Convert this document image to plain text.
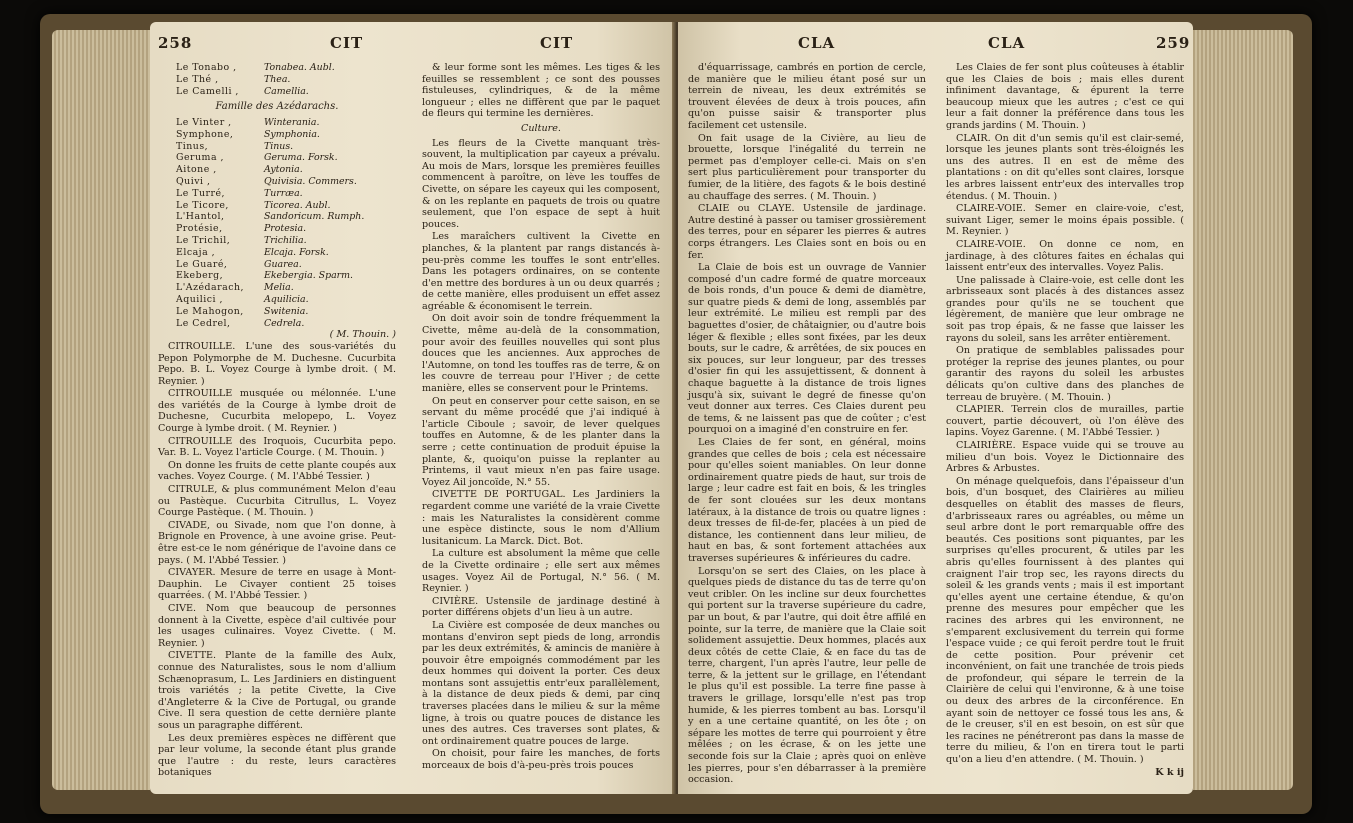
258	CIT	CIT
Le Tonabo ,	Tonabea. Aubl.
Le Thé ,	Thea.
Le Camelli ,	Camellia.
Famille des Azédarachs.
Le Vinter ,	Winterania.
Symphone,	Symphonia.
Tinus,	Tinus.
Geruma ,	Geruma. Forsk.
Aitone ,	Aytonia.
Quivi ,	Quivisia. Commers.
Le Turré,	Turræa.
Le Ticore,	Ticorea. Aubl.
L'Hantol,	Sandoricum. Rumph.
Protésie,	Protesia.
Le Trichil,	Trichilia.
Elcaja ,	Elcaja. Forsk.
Le Guaré,	Guarea.
Ekeberg,	Ekebergia. Sparm.
L'Azédarach,	Melia.
Aquilici ,	Aquilicia.
Le Mahogon,	Switenia.
Le Cedrel,	Cedrela.
( M. Thouin. )

CITROUILLE. L'une des sous-variétés du Pepon Polymorphe de M. Duchesne. Cucurbita Pepo. B. L. Voyez Courge à lymbe droit. ( M. Reynier. )

CITROUILLE musquée ou mélonnée. L'une des variétés de la Courge à lymbe droit de Duchesne, Cucurbita melopepo, L. Voyez Courge à lymbe droit. ( M. Reynier. )

CITROUILLE des Iroquois, Cucurbita pepo. Var. B. L. Voyez l'article Courge. ( M. Thouin. )

On donne les fruits de cette plante coupés aux vaches. Voyez Courge. ( M. l'Abbé Tessier. )

CITRULE, & plus communément Melon d'eau ou Pastèque. Cucurbita Citrullus, L. Voyez Courge Pastèque. ( M. Thouin. )

CIVADE, ou Sivade, nom que l'on donne, à Brignole en Provence, à une avoine grise. Peut-être est-ce le nom générique de l'avoine dans ce pays. ( M. l'Abbé Tessier. )

CIVAYER. Mesure de terre en usage à Mont-Dauphin. Le Civayer contient 25 toises quarrées. ( M. l'Abbé Tessier. )

CIVE. Nom que beaucoup de personnes donnent à la Civette, espèce d'ail cultivée pour les usages culinaires. Voyez Civette. ( M. Reynier. )

CIVETTE. Plante de la famille des Aulx, connue des Naturalistes, sous le nom d'allium Schænoprasum, L. Les Jardiniers en distinguent trois variétés ; la petite Civette, la Cive d'Angleterre & la Cive de Portugal, ou grande Cive. Il sera question de cette dernière plante sous un paragraphe différent.

Les deux premières espèces ne diffèrent que par leur volume, la seconde étant plus grande que l'autre : du reste, leurs caractères botaniques

& leur forme sont les mêmes. Les tiges & les feuilles se ressemblent ; ce sont des pousses fistuleuses, cylindriques, & de la même longueur ; elles ne diffèrent que par le paquet de fleurs qui termine les dernières.

Culture.

Les fleurs de la Civette manquant très-souvent, la multiplication par cayeux a prévalu. Au mois de Mars, lorsque les premières feuilles commencent à paroître, on lève les touffes de Civette, on sépare les cayeux qui les composent, & on les replante en paquets de trois ou quatre seulement, que l'on espace de sept à huit pouces.

Les maraîchers cultivent la Civette en planches, & la plantent par rangs distancés à-peu-près comme les touffes le sont entr'elles. Dans les potagers ordinaires, on se contente d'en mettre des bordures à un ou deux quarrés ; de cette manière, elles produisent un effet assez agréable & économisent le terrein.

On doit avoir soin de tondre fréquemment la Civette, même au-delà de la consommation, pour avoir des feuilles nouvelles qui sont plus douces que les anciennes. Aux approches de l'Automne, on tond les touffes ras de terre, & on les couvre de terreau pour l'Hiver ; de cette manière, elles se conservent pour le Printems.

On peut en conserver pour cette saison, en se servant du même procédé que j'ai indiqué à l'article Ciboule ; savoir, de lever quelques touffes en Automne, & de les planter dans la serre ; cette continuation de produit épuise la plante, &, quoiqu'on puisse la replanter au Printems, il vaut mieux n'en pas faire usage. Voyez Ail joncoïde, N.° 55.

CIVETTE DE PORTUGAL. Les Jardiniers la regardent comme une variété de la vraie Civette : mais les Naturalistes la considèrent comme une espèce distincte, sous le nom d'Allium lusitanicum. La Marck. Dict. Bot.

La culture est absolument la même que celle de la Civette ordinaire ; elle sert aux mêmes usages. Voyez Ail de Portugal, N.° 56. ( M. Reynier. )

CIVIÈRE. Ustensile de jardinage destiné à porter différens objets d'un lieu à un autre.

La Civière est composée de deux manches ou montans d'environ sept pieds de long, arrondis par les deux extrémités, & amincis de manière à pouvoir être empoignés commodément par les deux hommes qui doivent la porter. Ces deux montans sont assujettis entr'eux parallèlement, à la distance de deux pieds & demi, par cinq traverses placées dans le milieu & sur la même ligne, à trois ou quatre pouces de distance les unes des autres. Ces traverses sont plates, & ont ordinairement quatre pouces de large.

On choisit, pour faire les manches, de forts morceaux de bois d'à-peu-près trois pouces

CLA	CLA	259

d'équarrissage, cambrés en portion de cercle, de manière que le milieu étant posé sur un terrein de niveau, les deux extrémités se trouvent élevées de deux à trois pouces, afin qu'on puisse saisir & transporter plus facilement cet ustensile.

On fait usage de la Civière, au lieu de brouette, lorsque l'inégalité du terrein ne permet pas d'employer celle-ci. Mais on s'en sert plus particulièrement pour transporter du fumier, de la litière, des fagots & le bois destiné au chauffage des serres. ( M. Thouin. )

CLAIE ou CLAYE. Ustensile de jardinage. Autre destiné à passer ou tamiser grossièrement des terres, pour en séparer les pierres & autres corps étrangers. Les Claies sont en bois ou en fer.

La Claie de bois est un ouvrage de Vannier composé d'un cadre formé de quatre morceaux de bois ronds, d'un pouce & demi de diamètre, sur quatre pieds & demi de long, assemblés par leur extrémité. Le milieu est rempli par des baguettes d'osier, de châtaignier, ou d'autre bois léger & flexible ; elles sont fixées, par les deux bouts, sur le cadre, & arrêtées, de six pouces en six pouces, sur leur longueur, par des tresses d'osier fin qui les assujettissent, & donnent à chaque baguette à la distance de trois lignes jusqu'à six, suivant le degré de finesse qu'on veut donner aux terres. Ces Claies durent peu de tems, & ne laissent pas que de coûter ; c'est pourquoi on a imaginé d'en construire en fer.

Les Claies de fer sont, en général, moins grandes que celles de bois ; cela est nécessaire pour qu'elles soient maniables. On leur donne ordinairement quatre pieds de haut, sur trois de large ; leur cadre est fait en bois, & les tringles de fer sont clouées sur les deux montans latéraux, à la distance de trois ou quatre lignes : deux tresses de fil-de-fer, placées à un pied de distance, les contiennent dans leur milieu, de haut en bas, & sont fortement attachées aux traverses supérieures & inférieures du cadre.

Lorsqu'on se sert des Claies, on les place à quelques pieds de distance du tas de terre qu'on veut cribler. On les incline sur deux fourchettes qui portent sur la traverse supérieure du cadre, par un bout, & par l'autre, qui doit être affilé en pointe, sur la terre, de manière que la Claie soit solidement assujettie. Deux hommes, placés aux deux côtés de cette Claie, & en face du tas de terre, chargent, l'un après l'autre, leur pelle de terre, & la jettent sur le grillage, en l'étendant le plus qu'il est possible. La terre fine passe à travers le grillage, lorsqu'elle n'est pas trop humide, & les pierres tombent au bas. Lorsqu'il y en a une certaine quantité, on les ôte ; on sépare les mottes de terre qui pourroient y être mêlées ; on les écrase, & on les jette une seconde fois sur la Claie ; après quoi on enlève les pierres, pour s'en débarrasser à la première occasion.

Les Claies de fer sont plus coûteuses à établir que les Claies de bois ; mais elles durent infiniment davantage, & épurent la terre beaucoup mieux que les autres ; c'est ce qui leur a fait donner la préférence dans tous les grands jardins ( M. Thouin. )

CLAIR. On dit d'un semis qu'il est clair-semé, lorsque les jeunes plants sont très-éloignés les uns des autres. Il en est de même des plantations : on dit qu'elles sont claires, lorsque les arbres laissent entr'eux des intervalles trop étendus. ( M. Thouin. )

CLAIRE-VOIE. Semer en claire-voie, c'est, suivant Liger, semer le moins épais possible. ( M. Reynier. )

CLAIRE-VOIE. On donne ce nom, en jardinage, à des clôtures faites en échalas qui laissent entr'eux des intervalles. Voyez Palis.

Une palissade à Claire-voie, est celle dont les arbrisseaux sont placés à des distances assez grandes pour qu'ils ne se touchent que légèrement, de manière que leur ombrage ne soit pas trop épais, & ne fasse que laisser les rayons du soleil, sans les arrêter entièrement.

On pratique de semblables palissades pour protéger la reprise des jeunes plantes, ou pour garantir des rayons du soleil les arbustes délicats qu'on cultive dans des planches de terreau de bruyère. ( M. Thouin. )

CLAPIER. Terrein clos de murailles, partie couvert, partie découvert, où l'on élève des lapins. Voyez Garenne. ( M. l'Abbé Tessier. )

CLAIRIÈRE. Espace vuide qui se trouve au milieu d'un bois. Voyez le Dictionnaire des Arbres & Arbustes.

On ménage quelquefois, dans l'épaisseur d'un bois, d'un bosquet, des Clairières au milieu desquelles on établit des masses de fleurs, d'arbrisseaux rares ou agréables, ou même un seul arbre dont le port remarquable offre des beautés. Ces positions sont piquantes, par les surprises qu'elles procurent, & utiles par les abris qu'elles fournissent à des plantes qui craignent l'air trop sec, les rayons directs du soleil & les grands vents ; mais il est important qu'elles ayent une certaine étendue, & qu'on prenne des mesures pour empêcher que les racines des arbres qui les environnent, ne s'emparent exclusivement du terrein qui forme l'espace vuide ; ce qui feroit perdre tout le fruit de cette position. Pour prévenir cet inconvénient, on fait une tranchée de trois pieds de profondeur, qui sépare le terrein de la Clairière de celui qui l'environne, & à une toise ou deux des arbres de la circonférence. En ayant soin de nettoyer ce fossé tous les ans, & de le creuser, s'il en est besoin, on est sûr que les racines ne pénétreront pas dans la masse de terre du milieu, & l'on en tirera tout le parti qu'on a lieu d'en attendre. ( M. Thouin. )

K k ij
